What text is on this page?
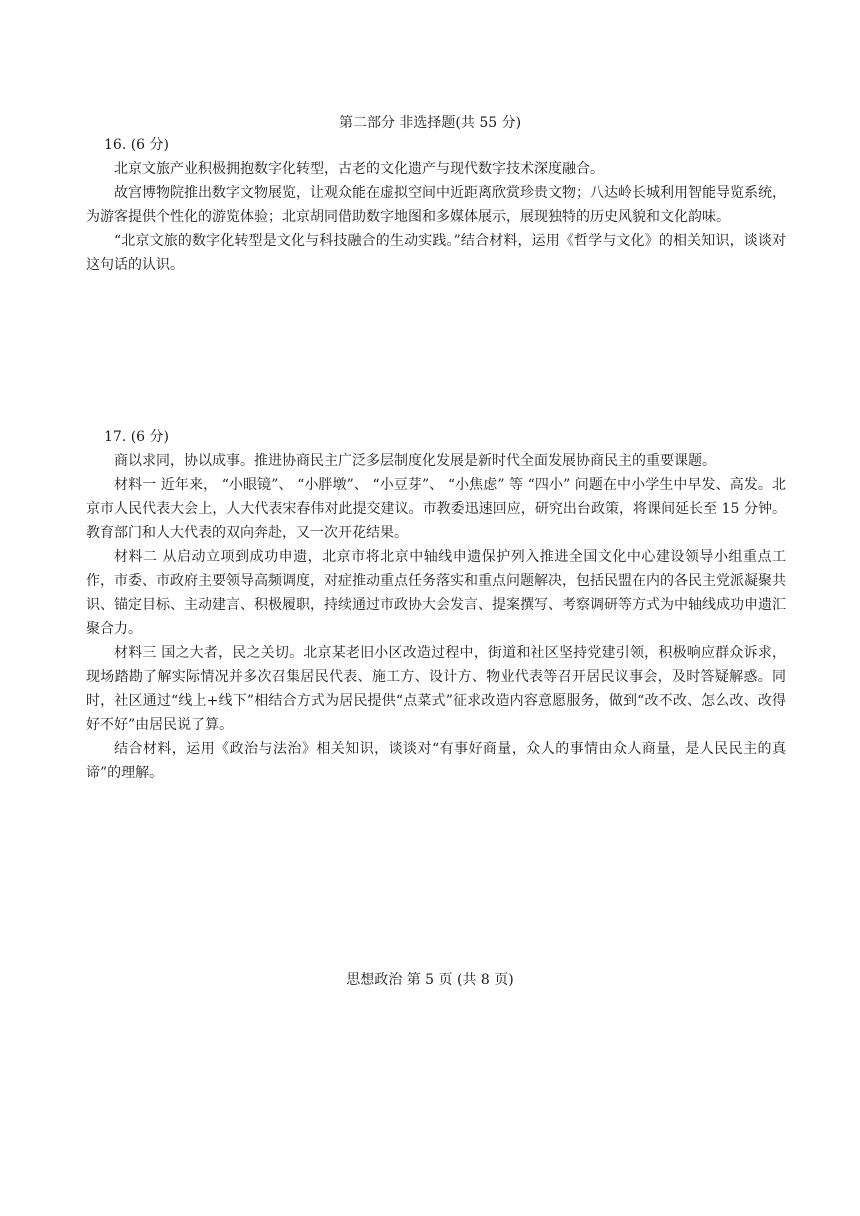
第二部分 非选择题(共 55 分)

16. (6 分)

北京文旅产业积极拥抱数字化转型，古老的文化遗产与现代数字技术深度融合。

故宫博物院推出数字文物展览，让观众能在虚拟空间中近距离欣赏珍贵文物；八达岭长城利用智能导览系统，为游客提供个性化的游览体验；北京胡同借助数字地图和多媒体展示，展现独特的历史风貌和文化韵味。

“北京文旅的数字化转型是文化与科技融合的生动实践。”结合材料，运用《哲学与文化》的相关知识，谈谈对这句话的认识。

17. (6 分)

商以求同，协以成事。推进协商民主广泛多层制度化发展是新时代全面发展协商民主的重要课题。

材料一 近年来， “小眼镜”、 “小胖墩”、 “小豆芽”、 “小焦虑” 等 “四小” 问题在中小学生中早发、高发。北京市人民代表大会上，人大代表宋春伟对此提交建议。市教委迅速回应，研究出台政策，将课间延长至 15 分钟。教育部门和人大代表的双向奔赴，又一次开花结果。

材料二 从启动立项到成功申遗，北京市将北京中轴线申遗保护列入推进全国文化中心建设领导小组重点工作，市委、市政府主要领导高频调度，对症推动重点任务落实和重点问题解决，包括民盟在内的各民主党派凝聚共识、锚定目标、主动建言、积极履职，持续通过市政协大会发言、提案撰写、考察调研等方式为中轴线成功申遗汇聚合力。

材料三 国之大者，民之关切。北京某老旧小区改造过程中，街道和社区坚持党建引领，积极响应群众诉求，现场踏勘了解实际情况并多次召集居民代表、施工方、设计方、物业代表等召开居民议事会，及时答疑解惑。同时，社区通过“线上+线下”相结合方式为居民提供“点菜式”征求改造内容意愿服务，做到“改不改、怎么改、改得好不好”由居民说了算。

结合材料，运用《政治与法治》相关知识，谈谈对“有事好商量，众人的事情由众人商量，是人民民主的真谛”的理解。

思想政治 第 5 页 (共 8 页)
